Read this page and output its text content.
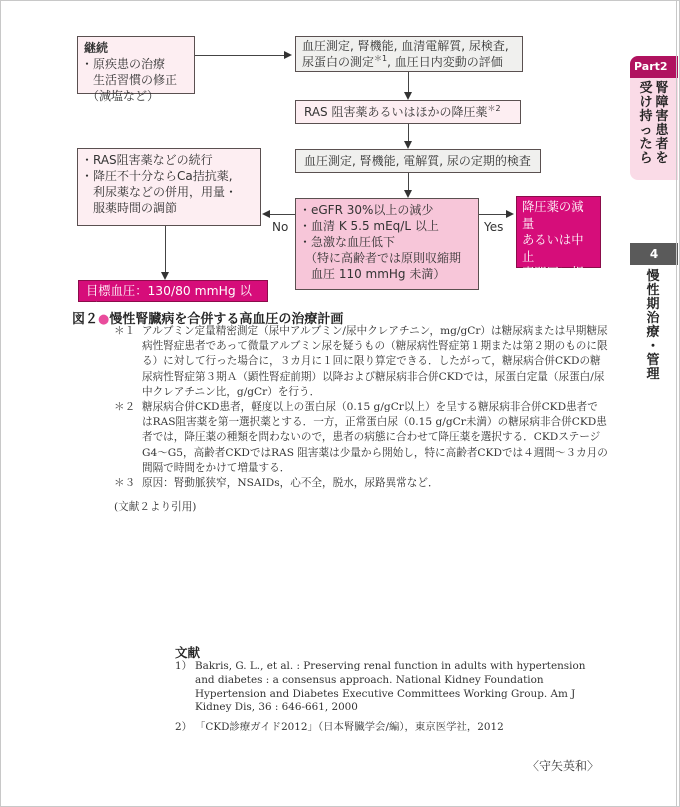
継続
・原疾患の治療
生活習慣の修正
（減塩など）
血圧測定, 腎機能, 血清電解質, 尿検査,
尿蛋白の測定$^{*1}$, 血圧日内変動の評価
RAS 阻害薬あるいはほかの降圧薬$^{*2}$
血圧測定, 腎機能, 電解質, 尿の定期的検査
・RAS阻害薬などの続行
・降圧不十分ならCa拮抗薬,
利尿薬などの併用，用量・
服薬時間の調節	・eGFR 30%以上の減少
・血清 K 5.5 mEq/L 以上
・急激な血圧低下
（特に高齢者では原則収縮期
血圧 110 mmHg 未満）
No	Yes
降圧薬の減量
あるいは中止
専門医に相談
原因検索$^{*3}$
目標血圧：130/80 mmHg 以下
図２●慢性腎臓病を合併する高血圧の治療計画
＊１ アルブミン定量精密測定（尿中アルブミン/尿中クレアチニン，mg/gCr）は糖尿病または早期糖尿病性腎症患者であって微量アルブミン尿を疑うもの（糖尿病性腎症第１期または第２期のものに限る）に対して行った場合に，３カ月に１回に限り算定できる．したがって，糖尿病合併CKDの糖尿病性腎症第３期Ａ（顕性腎症前期）以降および糖尿病非合併CKDでは，尿蛋白定量（尿蛋白/尿中クレアチニン比，g/gCr）を行う．
＊２ 糖尿病合併CKD患者，軽度以上の蛋白尿（0.15 g/gCr以上）を呈する糖尿病非合併CKD患者ではRAS阻害薬を第一選択薬とする．一方，正常蛋白尿（0.15 g/gCr未満）の糖尿病非合併CKD患者では，降圧薬の種類を問わないので，患者の病態に合わせて降圧薬を選択する．CKDステージG4～G5，高齢者CKDではRAS 阻害薬は少量から開始し，特に高齢者CKDでは４週間～３カ月の間隔で時間をかけて増量する．
＊３ 原因：腎動脈狭窄，NSAIDs，心不全，脱水，尿路異常など．
(文献２より引用)
文献
1） Bakris, G. L., et al. : Preserving renal function in adults with hypertension and diabetes : a consensus approach. National Kidney Foundation Hypertension and Diabetes Executive Committees Working Group. Am J Kidney Dis, 36 : 646-661, 2000
2） 「CKD診療ガイド2012」（日本腎臓学会/編），東京医学社，2012
〈守矢英和〉
Part2
腎
障
害
患
者
を
受
け
持
っ
た
ら
4
慢
性
期
治
療
・
管
理
